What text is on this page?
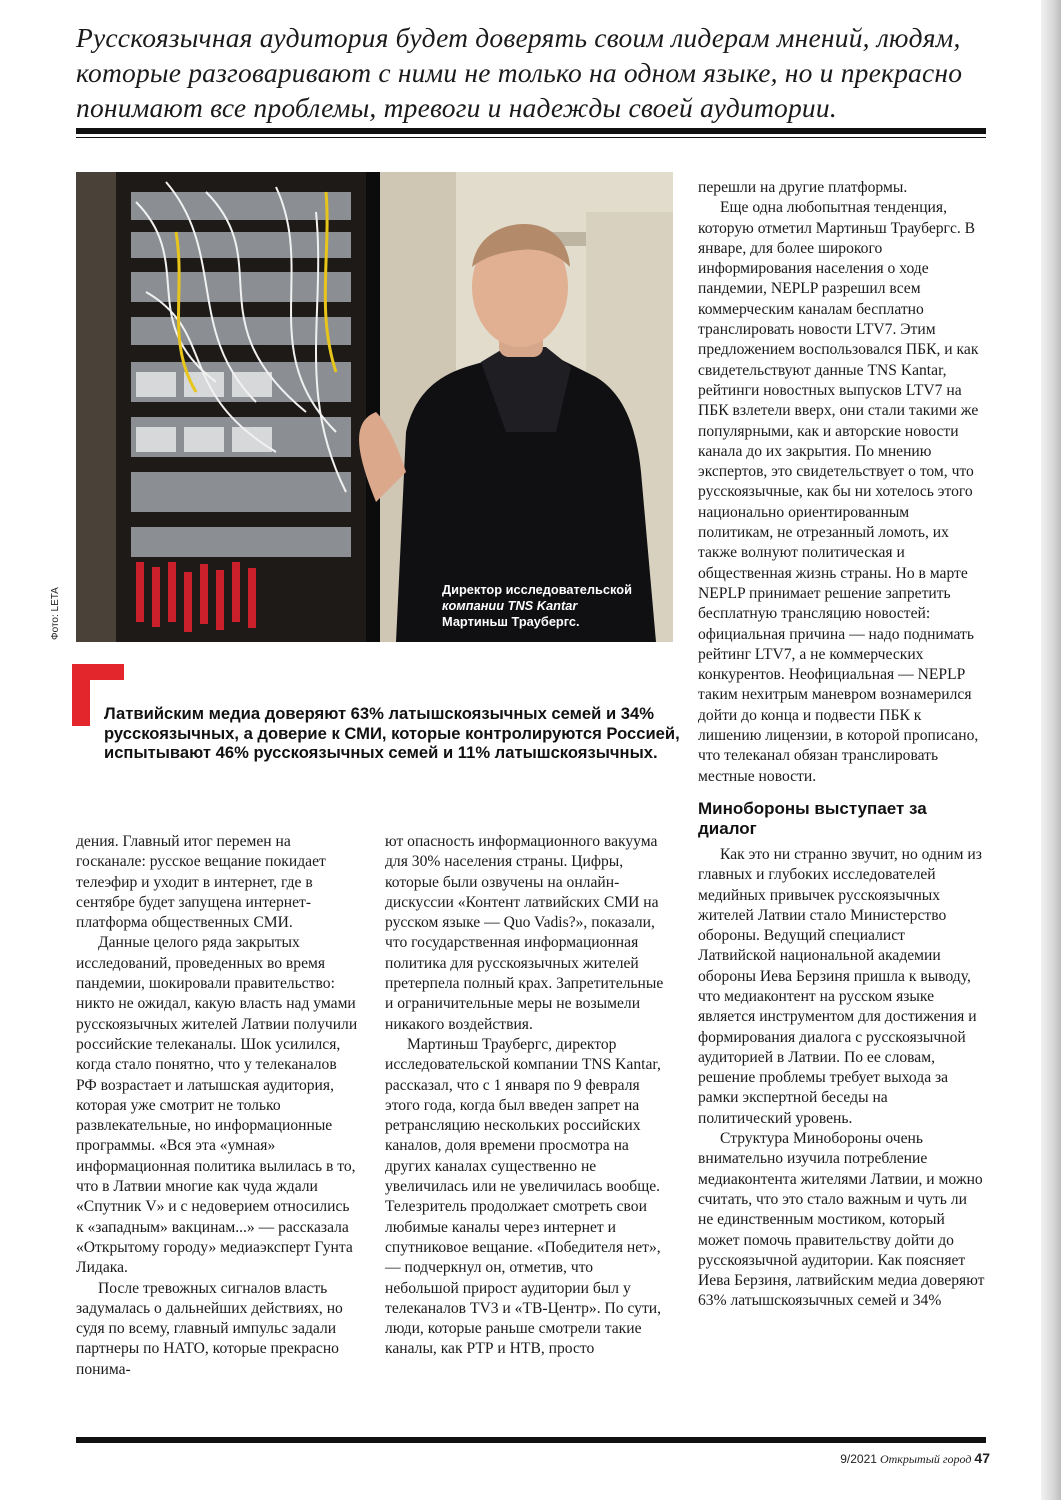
Русскоязычная аудитория будет доверять своим лидерам мнений, людям, которые разговаривают с ними не только на одном языке, но и прекрасно понимают все проблемы, тревоги и надежды своей аудитории.
Директор исследовательской
компании TNS Kantar
Мартиньш Траубергс.
Фото: LETA
Латвийским медиа доверяют 63% латышскоязычных семей и 34% русскоязычных, а доверие к СМИ, которые контролируются Россией, испытывают 46% русскоязычных семей и 11% латышскоязычных.

дения. Главный итог перемен на госканале: русское вещание покидает телеэфир и уходит в интернет, где в сентябре будет запущена интернет-платформа общественных СМИ.

Данные целого ряда закрытых исследований, проведенных во время пандемии, шокировали правительство: никто не ожидал, какую власть над умами русскоязычных жителей Латвии получили российские телеканалы. Шок усилился, когда стало понятно, что у телеканалов РФ возрастает и латышская аудитория, которая уже смотрит не только развлекательные, но информационные программы. «Вся эта «умная» информационная политика вылилась в то, что в Латвии многие как чуда ждали «Спутник V» и с недоверием относились к «западным» вакцинам...» — рассказала «Открытому городу» медиаэксперт Гунта Лидака.

После тревожных сигналов власть задумалась о дальнейших действиях, но судя по всему, главный импульс задали партнеры по НАТО, которые прекрасно понима-

ют опасность информационного вакуума для 30% населения страны. Цифры, которые были озвучены на онлайн-дискуссии «Контент латвийских СМИ на русском языке — Quo Vadis?», показали, что государственная информационная политика для русскоязычных жителей претерпела полный крах. Запретительные и ограничительные меры не возымели никакого воздействия.

Мартиньш Траубергс, директор исследовательской компании TNS Kantar, рассказал, что с 1 января по 9 февраля этого года, когда был введен запрет на ретрансляцию нескольких российских каналов, доля времени просмотра на других каналах существенно не увеличилась или не увеличилась вообще. Телезритель продолжает смотреть свои любимые каналы через интернет и спутниковое вещание. «Победителя нет», — подчеркнул он, отметив, что небольшой прирост аудитории был у телеканалов TV3 и «ТВ-Центр». По сути, люди, которые раньше смотрели такие каналы, как РТР и НТВ, просто

перешли на другие платформы.

Еще одна любопытная тенденция, которую отметил Мартиньш Траубергс. В январе, для более широкого информирования населения о ходе пандемии, NEPLP разрешил всем коммерческим каналам бесплатно транслировать новости LTV7. Этим предложением воспользовался ПБК, и как свидетельствуют данные TNS Kantar, рейтинги новостных выпусков LTV7 на ПБК взлетели вверх, они стали такими же популярными, как и авторские новости канала до их закрытия. По мнению экспертов, это свидетельствует о том, что русскоязычные, как бы ни хотелось этого национально ориентированным политикам, не отрезанный ломоть, их также волнуют политическая и общественная жизнь страны. Но в марте NEPLP принимает решение запретить бесплатную трансляцию новостей: официальная причина — надо поднимать рейтинг LTV7, а не коммерческих конкурентов. Неофициальная — NEPLP таким нехитрым маневром вознамерился дойти до конца и подвести ПБК к лишению лицензии, в которой прописано, что телеканал обязан транслировать местные новости.

Минобороны выступает за диалог

Как это ни странно звучит, но одним из главных и глубоких исследователей медийных привычек русскоязычных жителей Латвии стало Министерство обороны. Ведущий специалист Латвийской национальной академии обороны Иева Берзиня пришла к выводу, что медиаконтент на русском языке является инструментом для достижения и формирования диалога с русскоязычной аудиторией в Латвии. По ее словам, решение проблемы требует выхода за рамки экспертной беседы на политический уровень.

Структура Минобороны очень внимательно изучила потребление медиаконтента жителями Латвии, и можно считать, что это стало важным и чуть ли не единственным мостиком, который может помочь правительству дойти до русскоязычной аудитории. Как поясняет Иева Берзиня, латвийским медиа доверяют 63% латышскоязычных семей и 34%

9/2021 Открытый город 47
